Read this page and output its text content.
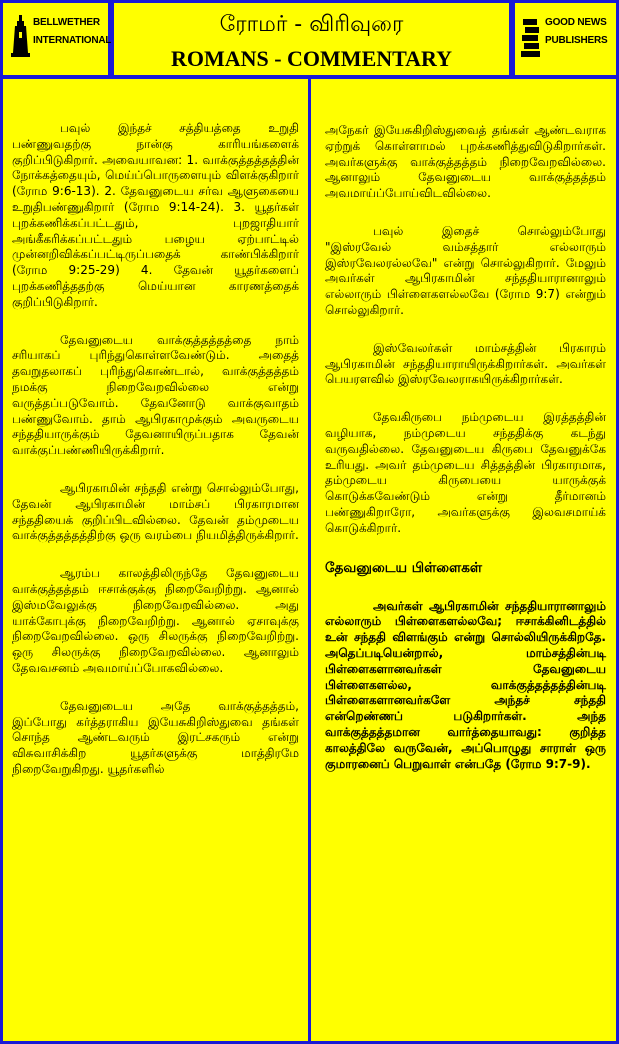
BELLWETHER
INTERNATIONAL
ரோமர் - விரிவுரை
ROMANS - COMMENTARY
GOOD NEWS
PUBLISHERS

பவுல் இந்தச் சத்தியத்தை உறுதி பண்ணுவதற்கு நான்கு காரியங்களைக் குறிப்பிடுகிறார். அவையாவன: 1. வாக்குத்தத்தத்தின் நோக்கத்தையும், மெய்ப்பொருளையும் விளக்குகிறார் (ரோம 9:6-13). 2. தேவனுடைய சர்வ ஆளுகையை உறுதிபண்ணுகிறார் (ரோம 9:14-24). 3. யூதர்கள் புறக்கணிக்கப்பட்டதும், புறஜாதியார் அங்கீகரிக்கப்பட்டதும் பழைய ஏற்பாட்டில் முன்னறிவிக்கப்பட்டிருப்பதைக் காண்பிக்கிறார் (ரோம 9:25-29) 4. தேவன் யூதர்களைப் புறக்கணித்ததற்கு மெய்யான காரணத்தைக் குறிப்பிடுகிறார்.

தேவனுடைய வாக்குத்தத்தத்தை நாம் சரியாகப் புரிந்துகொள்ளவேண்டும். அதைத் தவறுதலாகப் புரிந்துகொண்டால், வாக்குத்தத்தம் நமக்கு நிறைவேறவில்லை என்று வருத்தப்படுவோம். தேவனோடு வாக்குவாதம் பண்ணுவோம். தாம் ஆபிரகாமுக்கும் அவருடைய சந்ததியாருக்கும் தேவனாயிருப்பதாக தேவன் வாக்குப்பண்ணியிருக்கிறார்.

ஆபிரகாமின் சந்ததி என்று சொல்லும்போது, தேவன் ஆபிரகாமின் மாம்சப் பிரகாரமான சந்ததியைக் குறிப்பிடவில்லை. தேவன் தம்முடைய வாக்குத்தத்தத்திற்கு ஒரு வரம்பை நியமித்திருக்கிறார்.

ஆரம்ப காலத்திலிருந்தே தேவனுடைய வாக்குத்தத்தம் ஈசாக்குக்கு நிறைவேறிற்று. ஆனால் இஸ்மவேலுக்கு நிறைவேறவில்லை. அது யாக்கோபுக்கு நிறைவேறிற்று. ஆனால் ஏசாவுக்கு நிறைவேறவில்லை. ஒரு சிலருக்கு நிறைவேறிற்று. ஒரு சிலருக்கு நிறைவேறவில்லை. ஆனாலும் தேவவசனம் அவமாய்ப்போகவில்லை.

தேவனுடைய அதே வாக்குத்தத்தம், இப்போது கர்த்தராகிய இயேசுகிறிஸ்துவை தங்கள் சொந்த ஆண்டவரும் இரட்சகரும் என்று விசுவாசிக்கிற யூதர்களுக்கு மாத்திரமே நிறைவேறுகிறது. யூதர்களில்

அநேகர் இயேசுகிறிஸ்துவைத் தங்கள் ஆண்டவராக ஏற்றுக் கொள்ளாமல் புறக்கணித்துவிடுகிறார்கள். அவர்களுக்கு வாக்குத்தத்தம் நிறைவேறவில்லை. ஆனாலும் தேவனுடைய வாக்குத்தத்தம் அவமாய்ப்போய்விடவில்லை.

பவுல் இதைச் சொல்லும்போது "இஸ்ரவேல் வம்சத்தார் எல்லாரும் இஸ்ரவேலரல்லவே" என்று சொல்லுகிறார். மேலும் அவர்கள் ஆபிரகாமின் சந்ததியாரானாலும் எல்லாரும் பிள்ளைகளல்லவே (ரோம 9:7) என்றும் சொல்லுகிறார்.

இஸ்வேலர்கள் மாம்சத்தின் பிரகாரம் ஆபிரகாமின் சந்ததியாராயிருக்கிறார்கள். அவர்கள் பெயரளவில் இஸ்ரவேலராகயிருக்கிறார்கள்.

தேவகிருபை நம்முடைய இரத்தத்தின் வழியாக, நம்முடைய சந்ததிக்கு கடந்து வருவதில்லை. தேவனுடைய கிருபை தேவனுக்கே உரியது. அவர் தம்முடைய சித்தத்தின் பிரகாரமாக, தம்முடைய கிருபையை யாருக்குக் கொடுக்கவேண்டும் என்று தீர்மானம் பண்ணுகிறாரோ, அவர்களுக்கு இலவசமாய்க் கொடுக்கிறார்.

தேவனுடைய பிள்ளைகள்

அவர்கள் ஆபிரகாமின் சந்ததியாரானாலும் எல்லாரும் பிள்ளைகளல்லவே; ஈசாக்கினிடத்தில் உன் சந்ததி விளங்கும் என்று சொல்லியிருக்கிறதே. அதெப்படியென்றால், மாம்சத்தின்படி பிள்ளைகளானவர்கள் தேவனுடைய பிள்ளைகளல்ல, வாக்குத்தத்தத்தின்படி பிள்ளைகளானவர்களே அந்தச் சந்ததி என்றெண்ணப் படுகிறார்கள். அந்த வாக்குத்தத்தமான வார்த்தையாவது: குறித்த காலத்திலே வருவேன், அப்பொழுது சாராள் ஒரு குமாரனைப் பெறுவாள் என்பதே (ரோம 9:7-9).
